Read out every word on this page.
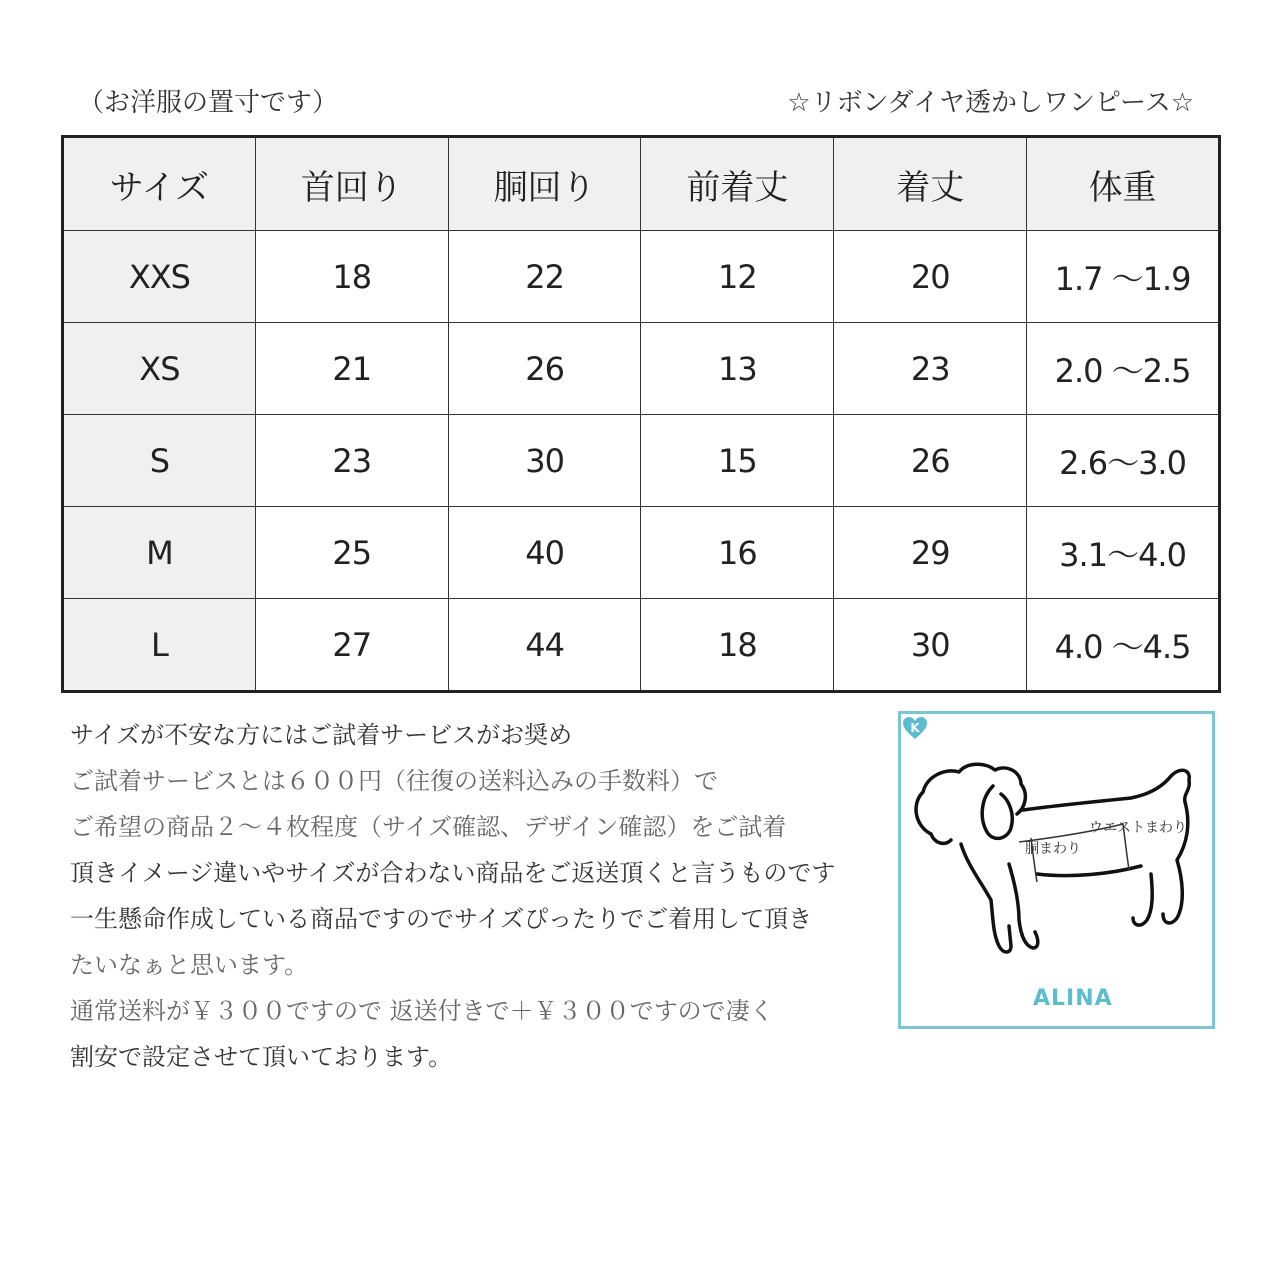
（お洋服の置寸です）	☆リボンダイヤ透かしワンピース☆
サイズ	首回り	胴回り	前着丈	着丈	体重
XXS	18	22	12	20	1.7 ～1.9
XS	21	26	13	23	2.0 ～2.5
S	23	30	15	26	2.6～3.0
M	25	40	16	29	3.1～4.0
L	27	44	18	30	4.0 ～4.5
サイズが不安な方にはご試着サービスがお奨め
ご試着サービスとは６００円（往復の送料込みの手数料）で
ご希望の商品２～４枚程度（サイズ確認、デザイン確認）をご試着
頂きイメージ違いやサイズが合わない商品をご返送頂くと言うものです
一生懸命作成している商品ですのでサイズぴったりでご着用して頂き
たいなぁと思います。
通常送料が￥３００ですので 返送付きで＋￥３００ですので凄く
割安で設定させて頂いております。
ウエストまわり
胴まわり
K
ALINA
